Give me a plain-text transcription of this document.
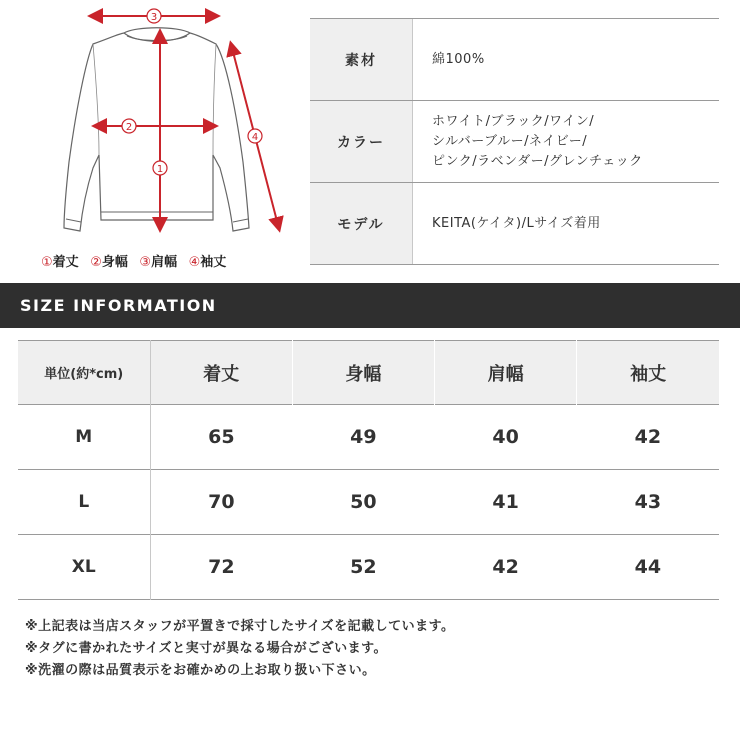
3
2
1
4
①着丈 ②身幅 ③肩幅 ④袖丈
素材	綿100%
カラー
ホワイト/ブラック/ワイン/
シルバーブルー/ネイビー/
ピンク/ラベンダー/グレンチェック
モデル	KEITA(ケイタ)/Lサイズ着用
SIZE INFORMATION
単位(約*cm)	着丈	身幅	肩幅	袖丈
M	65	49	40	42
L	70	50	41	43
XL	72	52	42	44
※上記表は当店スタッフが平置きで採寸したサイズを記載しています。
※タグに書かれたサイズと実寸が異なる場合がございます。
※洗濯の際は品質表示をお確かめの上お取り扱い下さい。
